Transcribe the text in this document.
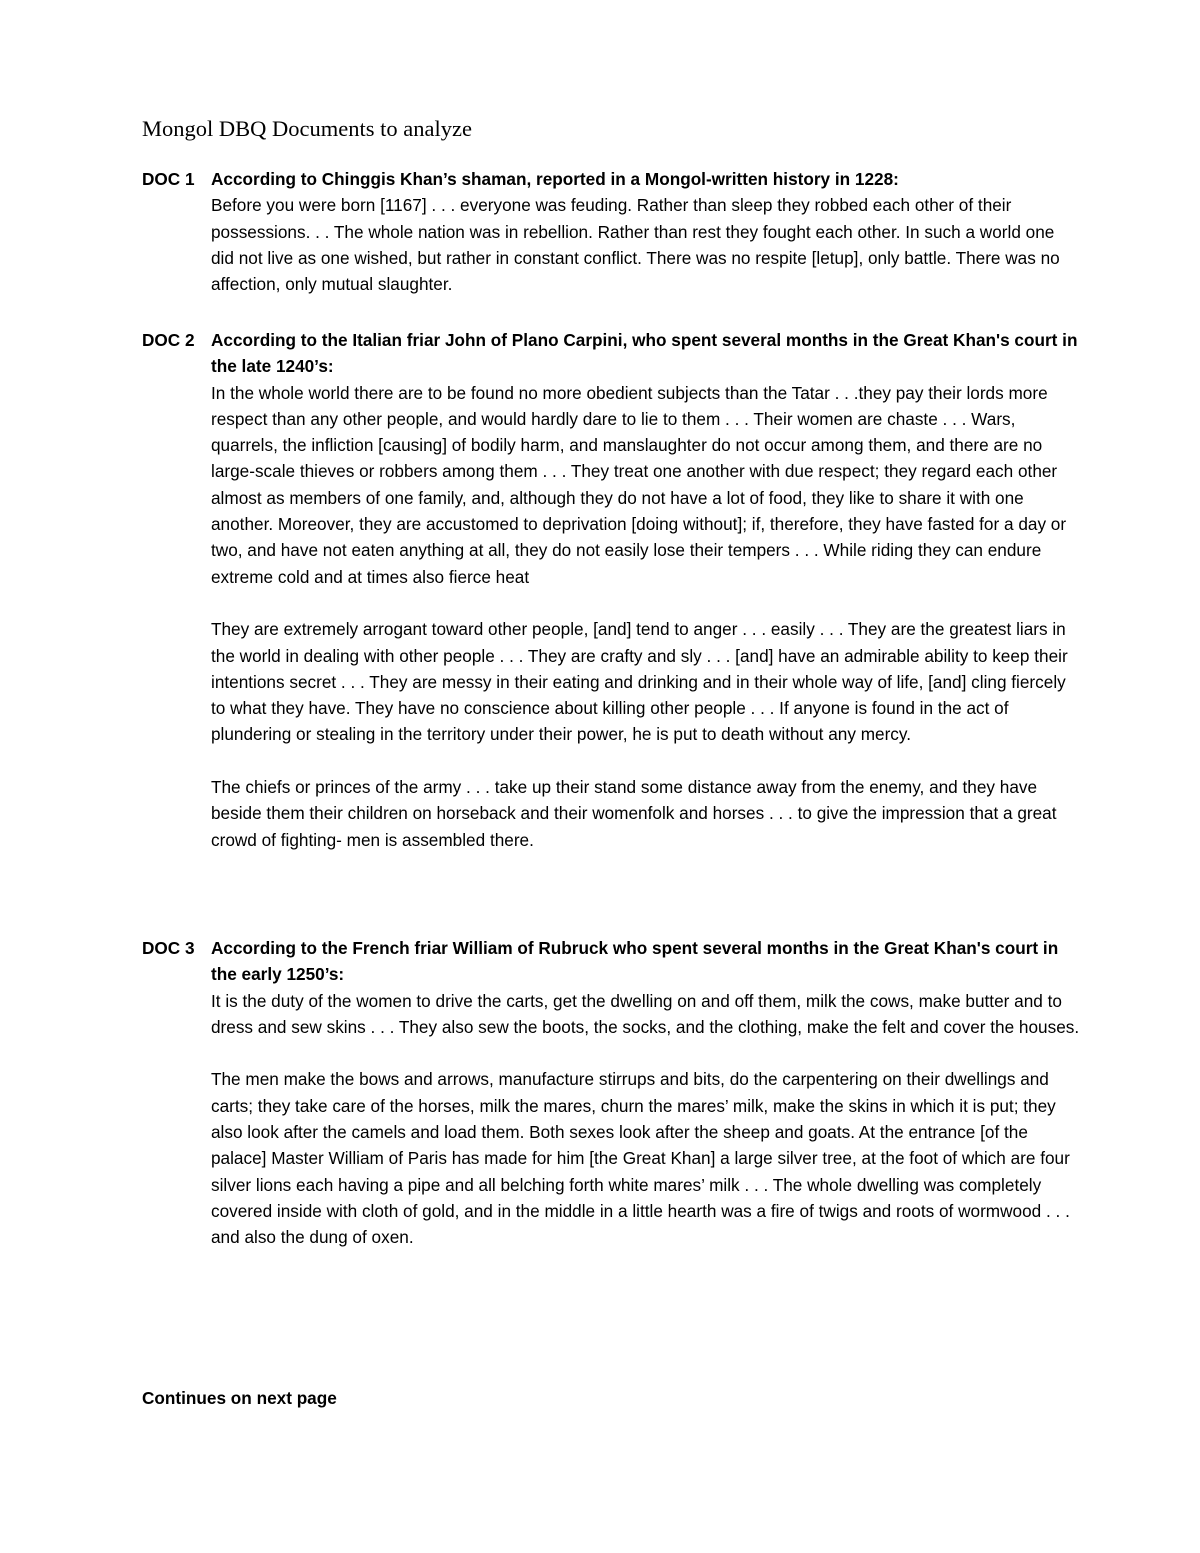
Mongol DBQ Documents to analyze
DOC 1 According to Chinggis Khan’s shaman, reported in a Mongol-written history in 1228:

Before you were born [1167] . . . everyone was feuding. Rather than sleep they robbed each other of their possessions. . . The whole nation was in rebellion. Rather than rest they fought each other. In such a world one did not live as one wished, but rather in constant conflict. There was no respite [letup], only battle. There was no affection, only mutual slaughter.

DOC 2 According to the Italian friar John of Plano Carpini, who spent several months in the Great Khan's court in the late 1240’s:

In the whole world there are to be found no more obedient subjects than the Tatar . . .they pay their lords more respect than any other people, and would hardly dare to lie to them . . . Their women are chaste . . . Wars, quarrels, the infliction [causing] of bodily harm, and manslaughter do not occur among them, and there are no large-scale thieves or robbers among them . . . They treat one another with due respect; they regard each other almost as members of one family, and, although they do not have a lot of food, they like to share it with one another. Moreover, they are accustomed to deprivation [doing without]; if, therefore, they have fasted for a day or two, and have not eaten anything at all, they do not easily lose their tempers . . . While riding they can endure extreme cold and at times also fierce heat

They are extremely arrogant toward other people, [and] tend to anger . . . easily . . . They are the greatest liars in the world in dealing with other people . . . They are crafty and sly . . . [and] have an admirable ability to keep their intentions secret . . . They are messy in their eating and drinking and in their whole way of life, [and] cling fiercely to what they have. They have no conscience about killing other people . . . If anyone is found in the act of plundering or stealing in the territory under their power, he is put to death without any mercy.

The chiefs or princes of the army . . . take up their stand some distance away from the enemy, and they have beside them their children on horseback and their womenfolk and horses . . . to give the impression that a great crowd of fighting- men is assembled there.

DOC 3 According to the French friar William of Rubruck who spent several months in the Great Khan's court in the early 1250’s:

It is the duty of the women to drive the carts, get the dwelling on and off them, milk the cows, make butter and to dress and sew skins . . . They also sew the boots, the socks, and the clothing, make the felt and cover the houses.

The men make the bows and arrows, manufacture stirrups and bits, do the carpentering on their dwellings and carts; they take care of the horses, milk the mares, churn the mares’ milk, make the skins in which it is put; they also look after the camels and load them. Both sexes look after the sheep and goats. At the entrance [of the palace] Master William of Paris has made for him [the Great Khan] a large silver tree, at the foot of which are four silver lions each having a pipe and all belching forth white mares’ milk . . . The whole dwelling was completely covered inside with cloth of gold, and in the middle in a little hearth was a fire of twigs and roots of wormwood . . . and also the dung of oxen.

Continues on next page
